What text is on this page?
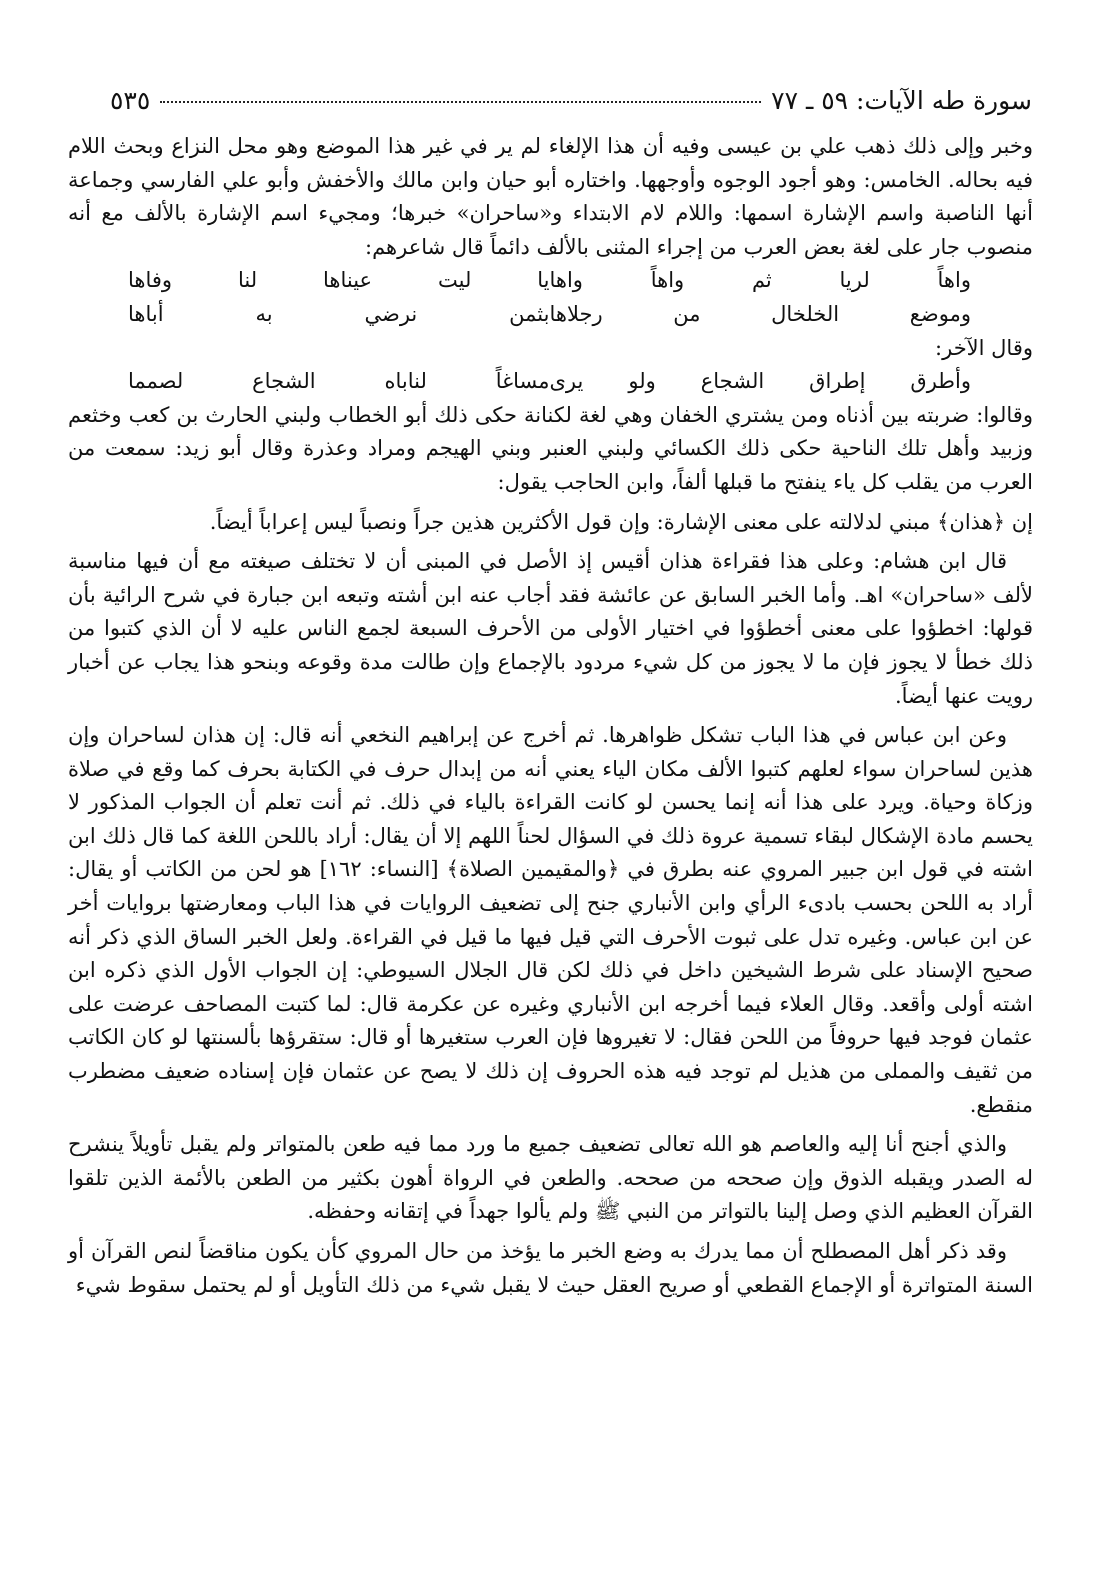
سورة طه الآيات: ٥٩ ـ ٧٧
٥٣٥

وخبر وإلى ذلك ذهب علي بن عيسى وفيه أن هذا الإلغاء لم ير في غير هذا الموضع وهو محل النزاع وبحث اللام فيه بحاله. الخامس: وهو أجود الوجوه وأوجهها. واختاره أبو حيان وابن مالك والأخفش وأبو علي الفارسي وجماعة أنها الناصبة واسم الإشارة اسمها: واللام لام الابتداء و«ساحران» خبرها؛ ومجيء اسم الإشارة بالألف مع أنه منصوب جار على لغة بعض العرب من إجراء المثنى بالألف دائماً قال شاعرهم:

واهاً لريا ثم واهاً واها
يا ليت عيناها لنا وفاها
وموضع الخلخال من رجلاها
بثمن نرضي به أباها

وقال الآخر:

وأطرق إطراق الشجاع ولو يرى
مساغاً لناباه الشجاع لصمما

وقالوا: ضربته بين أذناه ومن يشتري الخفان وهي لغة لكنانة حكى ذلك أبو الخطاب ولبني الحارث بن كعب وخثعم وزبيد وأهل تلك الناحية حكى ذلك الكسائي ولبني العنبر وبني الهيجم ومراد وعذرة وقال أبو زيد: سمعت من العرب من يقلب كل ياء ينفتح ما قبلها ألفاً، وابن الحاجب يقول:

إن ﴿هذان﴾ مبني لدلالته على معنى الإشارة: وإن قول الأكثرين هذين جراً ونصباً ليس إعراباً أيضاً.

قال ابن هشام: وعلى هذا فقراءة هذان أقيس إذ الأصل في المبنى أن لا تختلف صيغته مع أن فيها مناسبة لألف «ساحران» اهـ. وأما الخبر السابق عن عائشة فقد أجاب عنه ابن أشته وتبعه ابن جبارة في شرح الرائية بأن قولها: اخطؤوا على معنى أخطؤوا في اختيار الأولى من الأحرف السبعة لجمع الناس عليه لا أن الذي كتبوا من ذلك خطأ لا يجوز فإن ما لا يجوز من كل شيء مردود بالإجماع وإن طالت مدة وقوعه وبنحو هذا يجاب عن أخبار رويت عنها أيضاً.

وعن ابن عباس في هذا الباب تشكل ظواهرها. ثم أخرج عن إبراهيم النخعي أنه قال: إن هذان لساحران وإن هذين لساحران سواء لعلهم كتبوا الألف مكان الياء يعني أنه من إبدال حرف في الكتابة بحرف كما وقع في صلاة وزكاة وحياة. ويرد على هذا أنه إنما يحسن لو كانت القراءة بالياء في ذلك. ثم أنت تعلم أن الجواب المذكور لا يحسم مادة الإشكال لبقاء تسمية عروة ذلك في السؤال لحناً اللهم إلا أن يقال: أراد باللحن اللغة كما قال ذلك ابن اشته في قول ابن جبير المروي عنه بطرق في ﴿والمقيمين الصلاة﴾ [النساء: ١٦٢] هو لحن من الكاتب أو يقال: أراد به اللحن بحسب بادىء الرأي وابن الأنباري جنح إلى تضعيف الروايات في هذا الباب ومعارضتها بروايات أخر عن ابن عباس. وغيره تدل على ثبوت الأحرف التي قيل فيها ما قيل في القراءة. ولعل الخبر الساق الذي ذكر أنه صحيح الإسناد على شرط الشيخين داخل في ذلك لكن قال الجلال السيوطي: إن الجواب الأول الذي ذكره ابن اشته أولى وأقعد. وقال العلاء فيما أخرجه ابن الأنباري وغيره عن عكرمة قال: لما كتبت المصاحف عرضت على عثمان فوجد فيها حروفاً من اللحن فقال: لا تغيروها فإن العرب ستغيرها أو قال: ستقرؤها بألسنتها لو كان الكاتب من ثقيف والمملى من هذيل لم توجد فيه هذه الحروف إن ذلك لا يصح عن عثمان فإن إسناده ضعيف مضطرب منقطع.

والذي أجنح أنا إليه والعاصم هو الله تعالى تضعيف جميع ما ورد مما فيه طعن بالمتواتر ولم يقبل تأويلاً ينشرح له الصدر ويقبله الذوق وإن صححه من صححه. والطعن في الرواة أهون بكثير من الطعن بالأئمة الذين تلقوا القرآن العظيم الذي وصل إلينا بالتواتر من النبي ﷺ ولم يألوا جهداً في إتقانه وحفظه.

وقد ذكر أهل المصطلح أن مما يدرك به وضع الخبر ما يؤخذ من حال المروي كأن يكون مناقضاً لنص القرآن أو السنة المتواترة أو الإجماع القطعي أو صريح العقل حيث لا يقبل شيء من ذلك التأويل أو لم يحتمل سقوط شيء
